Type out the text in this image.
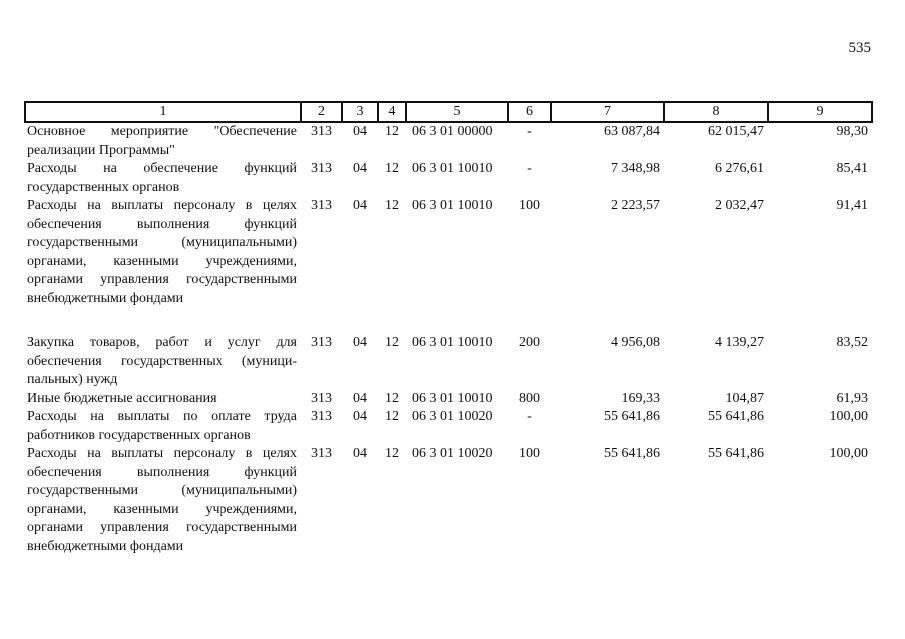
535
1	2	3	4	5	6	7	8	9
Основное мероприятие "Обеспечение реализации Программы"	313	04	12	06 3 01 00000	-	63 087,84	62 015,47	98,30
Расходы на обеспечение функций государственных органов	313	04	12	06 3 01 10010	-	7 348,98	6 276,61	85,41
Расходы на выплаты персоналу в целях обеспечения выполнения функций государственными (муниципальными) органами, казенными учреждениями, органами управления государственными внебюджетными фондами	313	04	12	06 3 01 10010	100	2 223,57	2 032,47	91,41
Закупка товаров, работ и услуг для обеспечения государственных (муници-пальных) нужд	313	04	12	06 3 01 10010	200	4 956,08	4 139,27	83,52
Иные бюджетные ассигнования	313	04	12	06 3 01 10010	800	169,33	104,87	61,93
Расходы на выплаты по оплате труда работников государственных органов	313	04	12	06 3 01 10020	-	55 641,86	55 641,86	100,00
Расходы на выплаты персоналу в целях обеспечения выполнения функций государственными (муниципальными) органами, казенными учреждениями, органами управления государственными внебюджетными фондами	313	04	12	06 3 01 10020	100	55 641,86	55 641,86	100,00
